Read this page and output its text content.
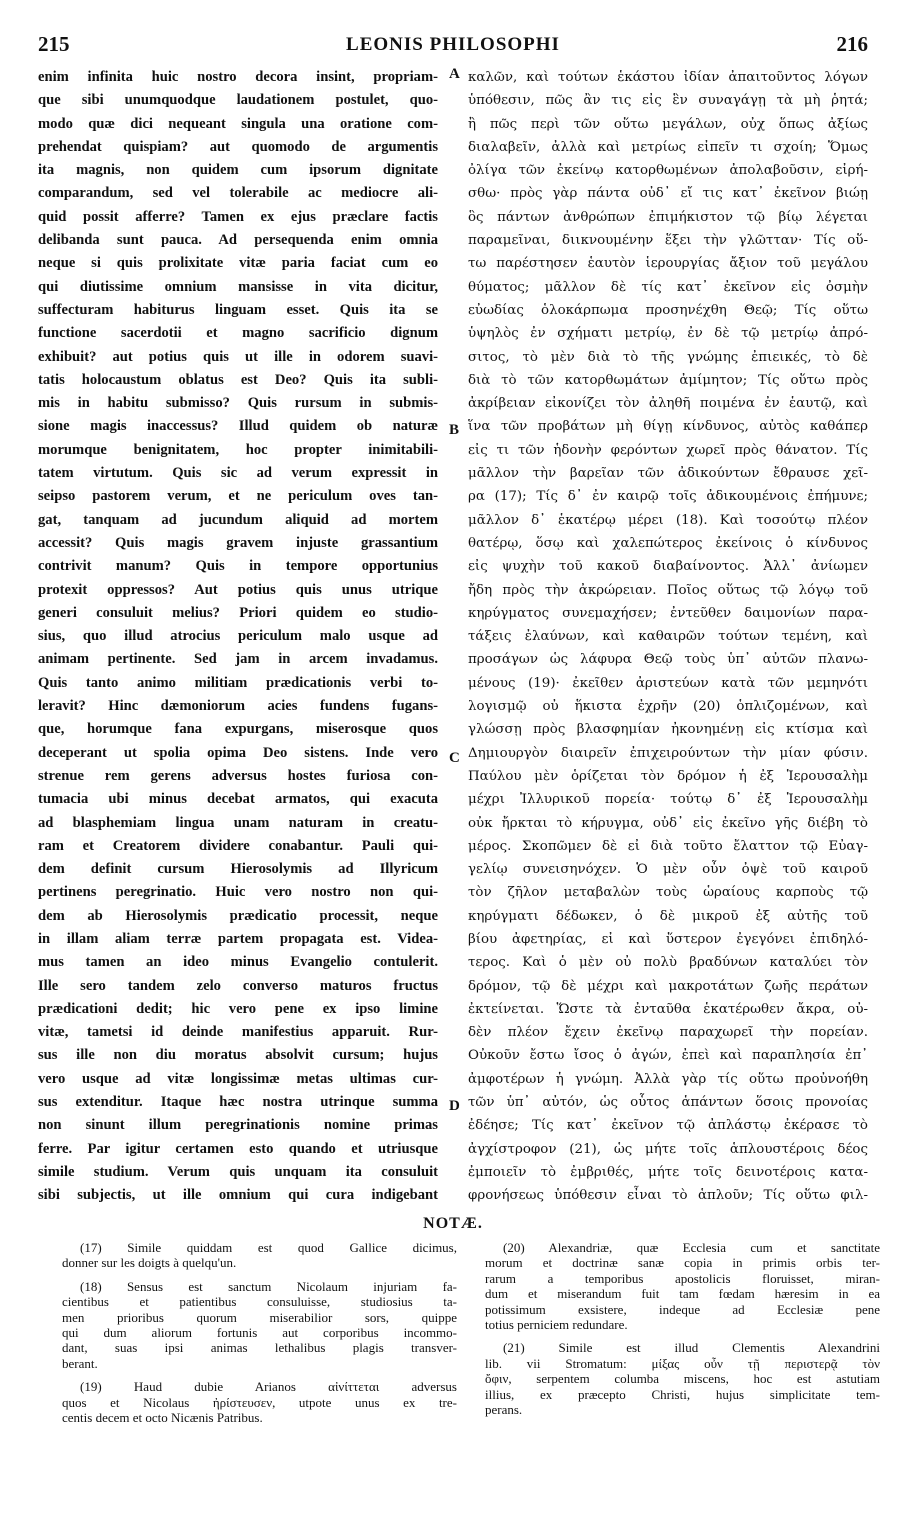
215	LEONIS PHILOSOPHI	216
enim infinita huic nostro decora insint, propriam-
que sibi unumquodque laudationem postulet, quo-
modo quæ dici nequeant singula una oratione com-
prehendat quispiam? aut quomodo de argumentis
ita magnis, non quidem cum ipsorum dignitate
comparandum, sed vel tolerabile ac mediocre ali-
quid possit afferre? Tamen ex ejus præclare factis
delibanda sunt pauca. Ad persequenda enim omnia
neque si quis prolixitate vitæ paria faciat cum eo
qui diutissime omnium mansisse in vita dicitur,
suffecturam habiturus linguam esset. Quis ita se
functione sacerdotii et magno sacrificio dignum
exhibuit? aut potius quis ut ille in odorem suavi-
tatis holocaustum oblatus est Deo? Quis ita subli-
mis in habitu submisso? Quis rursum in submis-
sione magis inaccessus? Illud quidem ob naturæ
morumque benignitatem, hoc propter inimitabili-
tatem virtutum. Quis sic ad verum expressit in
seipso pastorem verum, et ne periculum oves tan-
gat, tanquam ad jucundum aliquid ad mortem
accessit? Quis magis gravem injuste grassantium
contrivit manum? Quis in tempore opportunius
protexit oppressos? Aut potius quis unus utrique
generi consuluit melius? Priori quidem eo studio-
sius, quo illud atrocius periculum malo usque ad
animam pertinente. Sed jam in arcem invadamus.
Quis tanto animo militiam prædicationis verbi to-
leravit? Hinc dæmoniorum acies fundens fugans-
que, horumque fana expurgans, miserosque quos
deceperant ut spolia opima Deo sistens. Inde vero
strenue rem gerens adversus hostes furiosa con-
tumacia ubi minus decebat armatos, qui exacuta
ad blasphemiam lingua unam naturam in creatu-
ram et Creatorem dividere conabantur. Pauli qui-
dem definit cursum Hierosolymis ad Illyricum
pertinens peregrinatio. Huic vero nostro non qui-
dem ab Hierosolymis prædicatio processit, neque
in illam aliam terræ partem propagata est. Videa-
mus tamen an ideo minus Evangelio contulerit.
Ille sero tandem zelo converso maturos fructus
prædicationi dedit; hic vero pene ex ipso limine
vitæ, tametsi id deinde manifestius apparuit. Rur-
sus ille non diu moratus absolvit cursum; hujus
vero usque ad vitæ longissimæ metas ultimas cur-
sus extenditur. Itaque hæc nostra utrinque summa
non sinunt illum peregrinationis nomine primas
ferre. Par igitur certamen esto quando et utriusque
simile studium. Verum quis unquam ita consuluit
sibi subjectis, ut ille omnium qui cura indigebant
καλῶν, καὶ τούτων ἑκάστου ἰδίαν ἀπαιτοῦντος λόγων
ὑπόθεσιν, πῶς ἂν τις εἰς ἓν συναγάγῃ τὰ μὴ ῥητά;
ἢ πῶς περὶ τῶν οὕτω μεγάλων, οὐχ ὅπως ἀξίως
διαλαβεῖν, ἀλλὰ καὶ μετρίως εἰπεῖν τι σχοίη; Ὅμως
ὀλίγα τῶν ἐκείνῳ κατορθωμένων ἀπολαβοῦσιν, εἰρή-
σθω· πρὸς γὰρ πάντα οὐδ᾽ εἴ τις κατ᾽ ἐκεῖνον βιώῃ
ὃς πάντων ἀνθρώπων ἐπιμήκιστον τῷ βίῳ λέγεται
παραμεῖναι, διικνουμένην ἕξει τὴν γλῶτταν· Τίς οὕ-
τω παρέστησεν ἑαυτὸν ἱερουργίας ἄξιον τοῦ μεγάλου
θύματος; μᾶλλον δὲ τίς κατ᾽ ἐκεῖνον εἰς ὀσμὴν
εὐωδίας ὁλοκάρπωμα προσηνέχθη Θεῷ; Τίς οὕτω
ὑψηλὸς ἐν σχήματι μετρίῳ, ἐν δὲ τῷ μετρίῳ ἀπρό-
σιτος, τὸ μὲν διὰ τὸ τῆς γνώμης ἐπιεικές, τὸ δὲ
διὰ τὸ τῶν κατορθωμάτων ἀμίμητον; Τίς οὕτω πρὸς
ἀκρίβειαν εἰκονίζει τὸν ἀληθῆ ποιμένα ἐν ἑαυτῷ, καὶ
ἵνα τῶν προβάτων μὴ θίγῃ κίνδυνος, αὐτὸς καθάπερ
εἰς τι τῶν ἡδονὴν φερόντων χωρεῖ πρὸς θάνατον. Τίς
μᾶλλον τὴν βαρεῖαν τῶν ἀδικούντων ἔθραυσε χεῖ-
ρα (17); Τίς δ᾽ ἐν καιρῷ τοῖς ἀδικουμένοις ἐπήμυνε;
μᾶλλον δ᾽ ἑκατέρῳ μέρει (18). Καὶ τοσούτῳ πλέον
θατέρῳ, ὅσῳ καὶ χαλεπώτερος ἐκείνοις ὁ κίνδυνος
εἰς ψυχὴν τοῦ κακοῦ διαβαίνοντος. Ἀλλ᾽ ἀνίωμεν
ἤδη πρὸς τὴν ἀκρώρειαν. Ποῖος οὕτως τῷ λόγῳ τοῦ
κηρύγματος συνεμαχήσεν; ἐντεῦθεν δαιμονίων παρα-
τάξεις ἐλαύνων, καὶ καθαιρῶν τούτων τεμένη, καὶ
προσάγων ὡς λάφυρα Θεῷ τοὺς ὑπ᾽ αὐτῶν πλανω-
μένους (19)· ἐκεῖθεν ἀριστεύων κατὰ τῶν μεμηνότι
λογισμῷ οὐ ἥκιστα ἐχρῆν (20) ὁπλιζομένων, καὶ
γλώσσῃ πρὸς βλασφημίαν ἠκονημένῃ εἰς κτίσμα καὶ
Δημιουργὸν διαιρεῖν ἐπιχειρούντων τὴν μίαν φύσιν.
Παύλου μὲν ὁρίζεται τὸν δρόμον ἡ ἐξ Ἱερουσαλὴμ
μέχρι Ἰλλυρικοῦ πορεία· τούτῳ δ᾽ ἐξ Ἱερουσαλὴμ
οὐκ ἤρκται τὸ κήρυγμα, οὐδ᾽ εἰς ἐκεῖνο γῆς διέβη τὸ
μέρος. Σκοπῶμεν δὲ εἰ διὰ τοῦτο ἔλαττον τῷ Εὐαγ-
γελίῳ συνεισηνόχεν. Ὁ μὲν οὖν ὀψὲ τοῦ καιροῦ
τὸν ζῆλον μεταβαλὼν τοὺς ὡραίους καρποὺς τῷ
κηρύγματι δέδωκεν, ὁ δὲ μικροῦ ἐξ αὐτῆς τοῦ
βίου ἀφετηρίας, εἰ καὶ ὕστερον ἐγεγόνει ἐπιδηλό-
τερος. Καὶ ὁ μὲν οὐ πολὺ βραδύνων καταλύει τὸν
δρόμον, τῷ δὲ μέχρι καὶ μακροτάτων ζωῆς περάτων
ἐκτείνεται. Ὥστε τὰ ἐνταῦθα ἑκατέρωθεν ἄκρα, οὐ-
δὲν πλέον ἔχειν ἐκεῖνῳ παραχωρεῖ τὴν πορείαν.
Οὐκοῦν ἔστω ἴσος ὁ ἀγών, ἐπεὶ καὶ παραπλησία ἐπ᾽
ἀμφοτέρων ἡ γνώμη. Ἀλλὰ γὰρ τίς οὕτω προὐνοήθη
τῶν ὑπ᾽ αὐτόν, ὡς οὗτος ἁπάντων ὅσοις προνοίας
ἐδέησε; Τίς κατ᾽ ἐκεῖνον τῷ ἀπλάστῳ ἐκέρασε τὸ
ἀγχίστροφον (21), ὡς μήτε τοῖς ἁπλουστέροις δέος
ἐμποιεῖν τὸ ἐμβριθές, μήτε τοῖς δεινοτέροις κατα-
φρονήσεως ὑπόθεσιν εἶναι τὸ ἁπλοῦν; Τίς οὕτω φιλ-
A
B
C
D
NOTÆ.
(17) Simile quiddam est quod Gallice dicimus,
donner sur les doigts à quelqu'un.
(18) Sensus est sanctum Nicolaum injuriam fa-
cientibus et patientibus consuluisse, studiosius ta-
men prioribus quorum miserabilior sors, quippe
qui dum aliorum fortunis aut corporibus incommo-
dant, suas ipsi animas lethalibus plagis transver-
berant.
(19) Haud dubie Arianos αἰνίττεται adversus
quos et Nicolaus ἠρίστευσεν, utpote unus ex tre-
centis decem et octo Nicænis Patribus.
(20) Alexandriæ, quæ Ecclesia cum et sanctitate
morum et doctrinæ sanæ copia in primis orbis ter-
rarum a temporibus apostolicis floruisset, miran-
dum et miserandum fuit tam fœdam hæresim in ea
potissimum exsistere, indeque ad Ecclesiæ pene
totius perniciem redundare.
(21) Simile est illud Clementis Alexandrini
lib. vii Stromatum: μίξας οὖν τῇ περιστερᾷ τὸν
ὄφιν, serpentem columba miscens, hoc est astutiam
illius, ex præcepto Christi, hujus simplicitate tem-
perans.
